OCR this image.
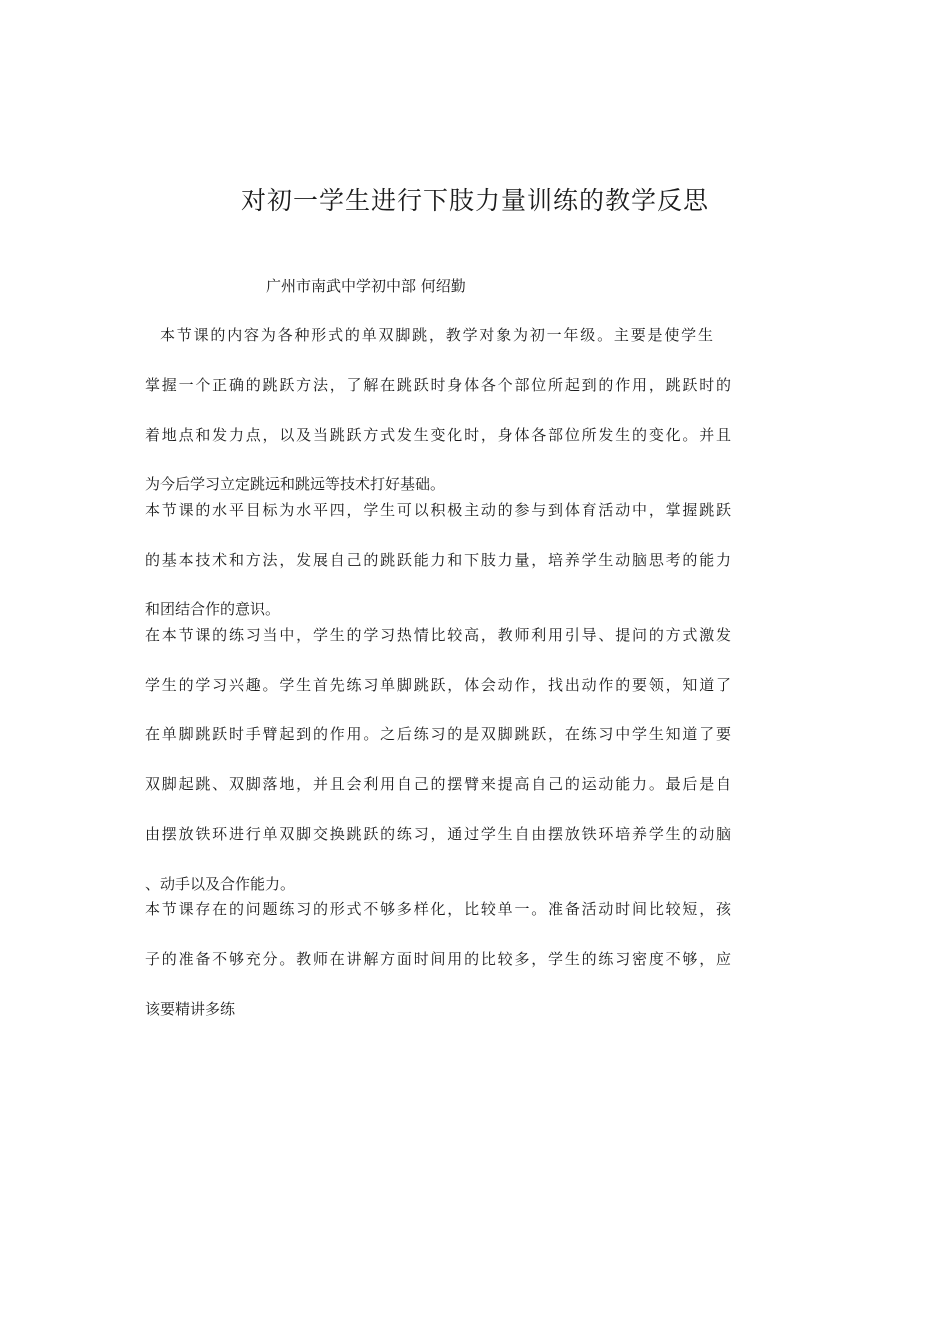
对初一学生进行下肢力量训练的教学反思
广州市南武中学初中部 何绍勤
本节课的内容为各种形式的单双脚跳，教学对象为初一年级。主要是使学生
掌握一个正确的跳跃方法，了解在跳跃时身体各个部位所起到的作用，跳跃时的
着地点和发力点，以及当跳跃方式发生变化时，身体各部位所发生的变化。并且
为今后学习立定跳远和跳远等技术打好基础。
本节课的水平目标为水平四，学生可以积极主动的参与到体育活动中，掌握跳跃
的基本技术和方法，发展自己的跳跃能力和下肢力量，培养学生动脑思考的能力
和团结合作的意识。
在本节课的练习当中，学生的学习热情比较高，教师利用引导、提问的方式激发
学生的学习兴趣。学生首先练习单脚跳跃，体会动作，找出动作的要领，知道了
在单脚跳跃时手臂起到的作用。之后练习的是双脚跳跃，在练习中学生知道了要
双脚起跳、双脚落地，并且会利用自己的摆臂来提高自己的运动能力。最后是自
由摆放铁环进行单双脚交换跳跃的练习，通过学生自由摆放铁环培养学生的动脑
、动手以及合作能力。
本节课存在的问题练习的形式不够多样化，比较单一。准备活动时间比较短，孩
子的准备不够充分。教师在讲解方面时间用的比较多，学生的练习密度不够，应
该要精讲多练
